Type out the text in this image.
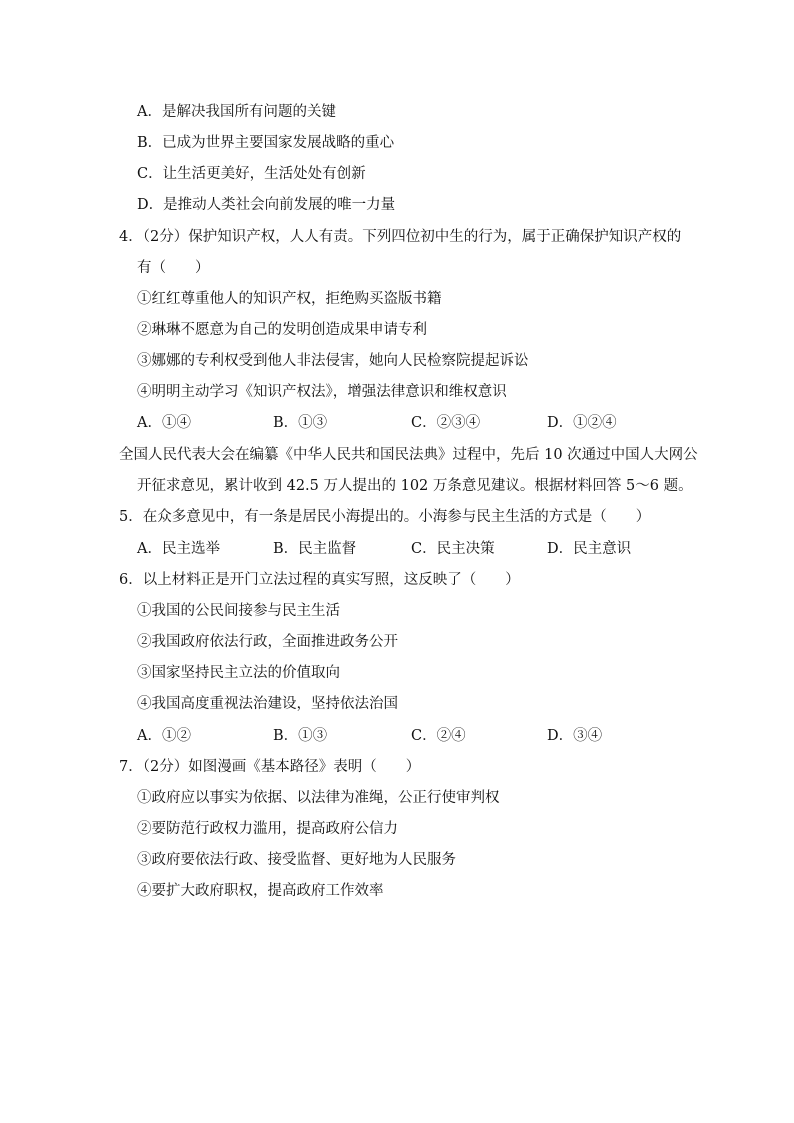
A．是解决我国所有问题的关键
B．已成为世界主要国家发展战略的重心
C．让生活更美好，生活处处有创新
D．是推动人类社会向前发展的唯一力量
4．（2分）保护知识产权，人人有责。下列四位初中生的行为，属于正确保护知识产权的
有（　　）
①红红尊重他人的知识产权，拒绝购买盗版书籍
②琳琳不愿意为自己的发明创造成果申请专利
③娜娜的专利权受到他人非法侵害，她向人民检察院提起诉讼
④明明主动学习《知识产权法》，增强法律意识和维权意识
A．①④	B．①③	C．②③④	D．①②④
全国人民代表大会在编纂《中华人民共和国民法典》过程中，先后 10 次通过中国人大网公
开征求意见，累计收到 42.5 万人提出的 102 万条意见建议。根据材料回答 5～6 题。
5．在众多意见中，有一条是居民小海提出的。小海参与民主生活的方式是（　　）
A．民主选举	B．民主监督	C．民主决策	D．民主意识
6．以上材料正是开门立法过程的真实写照，这反映了（　　）
①我国的公民间接参与民主生活
②我国政府依法行政，全面推进政务公开
③国家坚持民主立法的价值取向
④我国高度重视法治建设，坚持依法治国
A．①②	B．①③	C．②④	D．③④
7．（2分）如图漫画《基本路径》表明（　　）
①政府应以事实为依据、以法律为准绳，公正行使审判权
②要防范行政权力滥用，提高政府公信力
③政府要依法行政、接受监督、更好地为人民服务
④要扩大政府职权，提高政府工作效率
